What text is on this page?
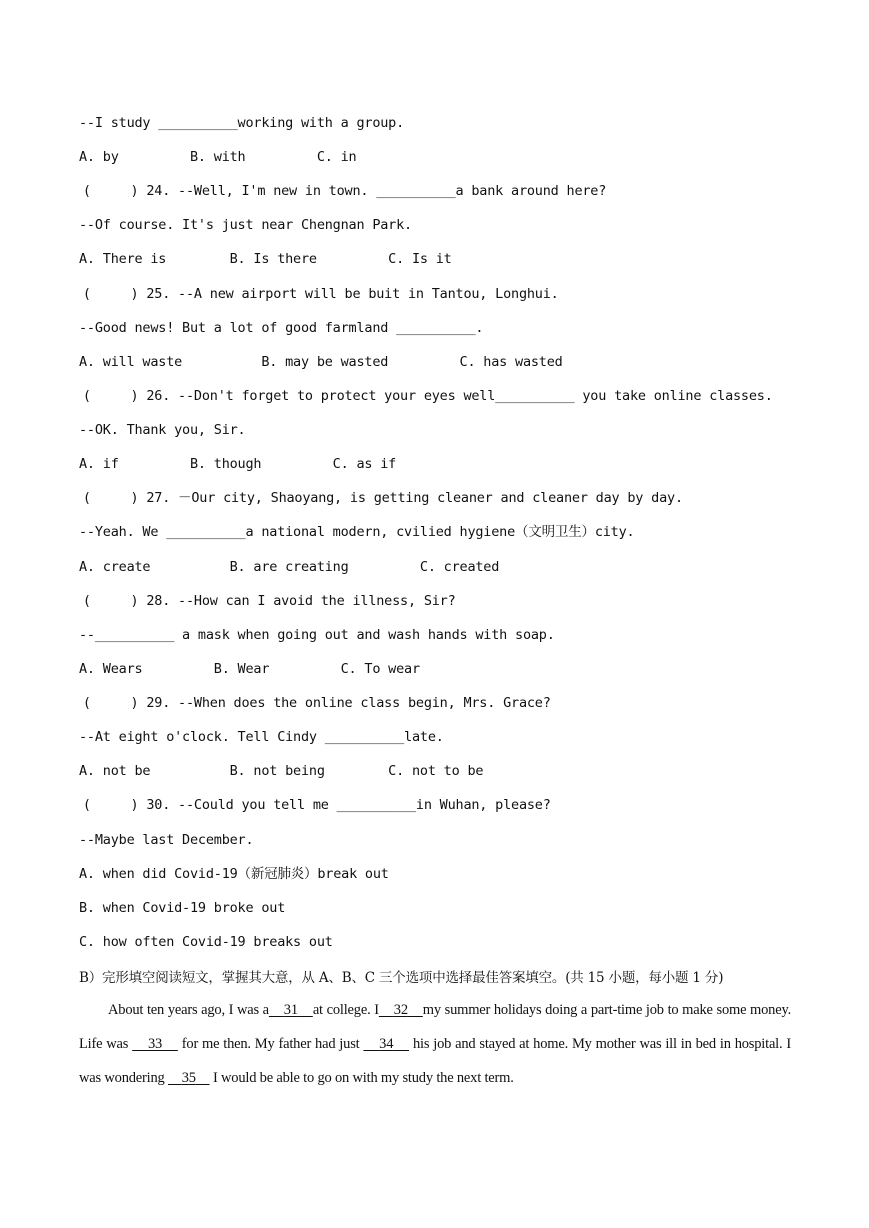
--I study __________working with a group.
A. by         B. with         C. in
(     ) 24. --Well, I'm new in town. __________a bank around here?
--Of course. It's just near Chengnan Park.
A. There is        B. Is there         C. Is it
(     ) 25. --A new airport will be buit in Tantou, Longhui.
--Good news! But a lot of good farmland __________.
A. will waste          B. may be wasted         C. has wasted
(     ) 26. --Don't forget to protect your eyes well__________ you take online classes.
--OK. Thank you, Sir.
A. if         B. though         C. as if
(     ) 27. －Our city, Shaoyang, is getting cleaner and cleaner day by day.
--Yeah. We __________a national modern, cvilied hygiene（文明卫生）city.
A. create          B. are creating         C. created
(     ) 28. --How can I avoid the illness, Sir?
--__________ a mask when going out and wash hands with soap.
A. Wears         B. Wear         C. To wear
(     ) 29. --When does the online class begin, Mrs. Grace?
--At eight o'clock. Tell Cindy __________late.
A. not be          B. not being        C. not to be
(     ) 30. --Could you tell me __________in Wuhan, please?
--Maybe last December.
A. when did Covid-19（新冠肺炎）break out
B. when Covid-19 broke out
C. how often Covid-19 breaks out
B）完形填空阅读短文，掌握其大意，从 A、B、C 三个选项中选择最佳答案填空。(共 15 小题，每小题 1 分)
About ten years ago, I was a 31 at college. I 32 my summer holidays doing a part-time job to make some money. Life was     33     for me then. My father had just     34     his job and stayed at home. My mother was ill in bed in hospital. I was wondering     35     I would be able to go on with my study the next term.
